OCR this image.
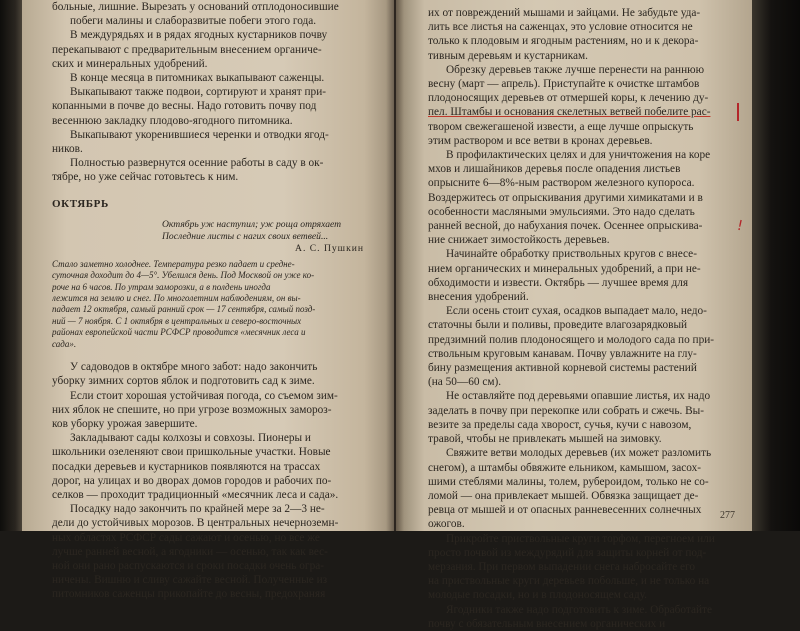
больные, лишние. Вырезать у оснований отплодоносившие
побеги малины и слаборазвитые побеги этого года.
В междурядьях и в рядах ягодных кустарников почву
перекапывают с предварительным внесением органиче-
ских и минеральных удобрений.
В конце месяца в питомниках выкапывают саженцы.
Выкапывают также подвои, сортируют и хранят при-
копанными в почве до весны. Надо готовить почву под
весеннюю закладку плодово-ягодного питомника.
Выкапывают укоренившиеся черенки и отводки ягод-
ников.
Полностью развернутся осенние работы в саду в ок-
тябре, но уже сейчас готовьтесь к ним.
ОКТЯБРЬ
Октябрь уж наступил; уж роща отряхает
Последние листы с нагих своих ветвей...
А. С. Пушкин
Стало заметно холоднее. Температура резко падает и средне-
суточная доходит до 4—5°. Убелился день. Под Москвой он уже ко-
роче на 6 часов. По утрам заморозки, а в полдень иногда
лежится на землю и снег. По многолетним наблюдениям, он вы-
падает 12 октября, самый ранний срок — 17 сентября, самый позд-
ний — 7 ноября. С 1 октября в центральных и северо-восточных
районах европейской части РСФСР проводится «месячник леса и
сада».
У садоводов в октябре много забот: надо закончить
уборку зимних сортов яблок и подготовить сад к зиме.
Если стоит хорошая устойчивая погода, со съемом зим-
них яблок не спешите, но при угрозе возможных замороз-
ков уборку урожая завершите.
Закладывают сады колхозы и совхозы. Пионеры и
школьники озеленяют свои пришкольные участки. Новые
посадки деревьев и кустарников появляются на трассах
дорог, на улицах и во дворах домов городов и рабочих по-
селков — проходит традиционный «месячник леса и сада».
Посадку надо закончить по крайней мере за 2—3 не-
дели до устойчивых морозов. В центральных нечерноземн-
ных областях РСФСР сады сажают и осенью, но все же
лучше ранней весной, а ягодники — осенью, так как вес-
ной они рано распускаются и сроки посадки очень огра-
ничены. Вишню и сливу сажайте весной. Полученные из
питомников саженцы прикопайте до весны, предохраняя
их от повреждений мышами и зайцами. Не забудьте уда-
лить все листья на саженцах, это условие относится не
только к плодовым и ягодным растениям, но и к декора-
тивным деревьям и кустарникам.
Обрезку деревьев также лучше перенести на раннюю
весну (март — апрель). Приступайте к очистке штамбов
плодоносящих деревьев от отмершей коры, к лечению ду-
пел. Штамбы и основания скелетных ветвей побелите рас-
твором свежегашеной извести, а еще лучше опрыскуть
этим раствором и все ветви в кронах деревьев.
В профилактических целях и для уничтожения на коре
мхов и лишайников деревья после опадения листьев
опрысните 6—8%-ным раствором железного купороса.
Воздержитесь от опрыскивания другими химикатами и в
особенности масляными эмульсиями. Это надо сделать
ранней весной, до набухания почек. Осеннее опрыскива-
ние снижает зимостойкость деревьев.
Начинайте обработку приствольных кругов с внесе-
нием органических и минеральных удобрений, а при не-
обходимости и извести. Октябрь — лучшее время для
внесения удобрений.
Если осень стоит сухая, осадков выпадает мало, недо-
статочны были и поливы, проведите влагозарядковый
предзимний полив плодоносящего и молодого сада по при-
ствольным круговым канавам. Почву увлажните на глу-
бину размещения активной корневой системы растений
(на 50—60 см).
Не оставляйте под деревьями опавшие листья, их надо
заделать в почву при перекопке или собрать и сжечь. Вы-
везите за пределы сада хворост, сучья, кучи с навозом,
травой, чтобы не привлекать мышей на зимовку.
Свяжите ветви молодых деревьев (их может разломить
снегом), а штамбы обвяжите ельником, камышом, засох-
шими стеблями малины, толем, рубероидом, только не со-
ломой — она привлекает мышей. Обвязка защищает де-
ревца от мышей и от опасных ранневесенних солнечных
ожогов.
Прикройте приствольные круги торфом, перегноем или
просто почвой из междурядий для защиты корней от под-
мерзания. При первом выпадении снега набросайте его
на приствольные круги деревьев побольше, и не только на
молодые посадки, но и в плодоносящем саду.
Ягодники также надо подготовить к зиме. Обработайте
почву с обязательным внесением органических и
!
277
